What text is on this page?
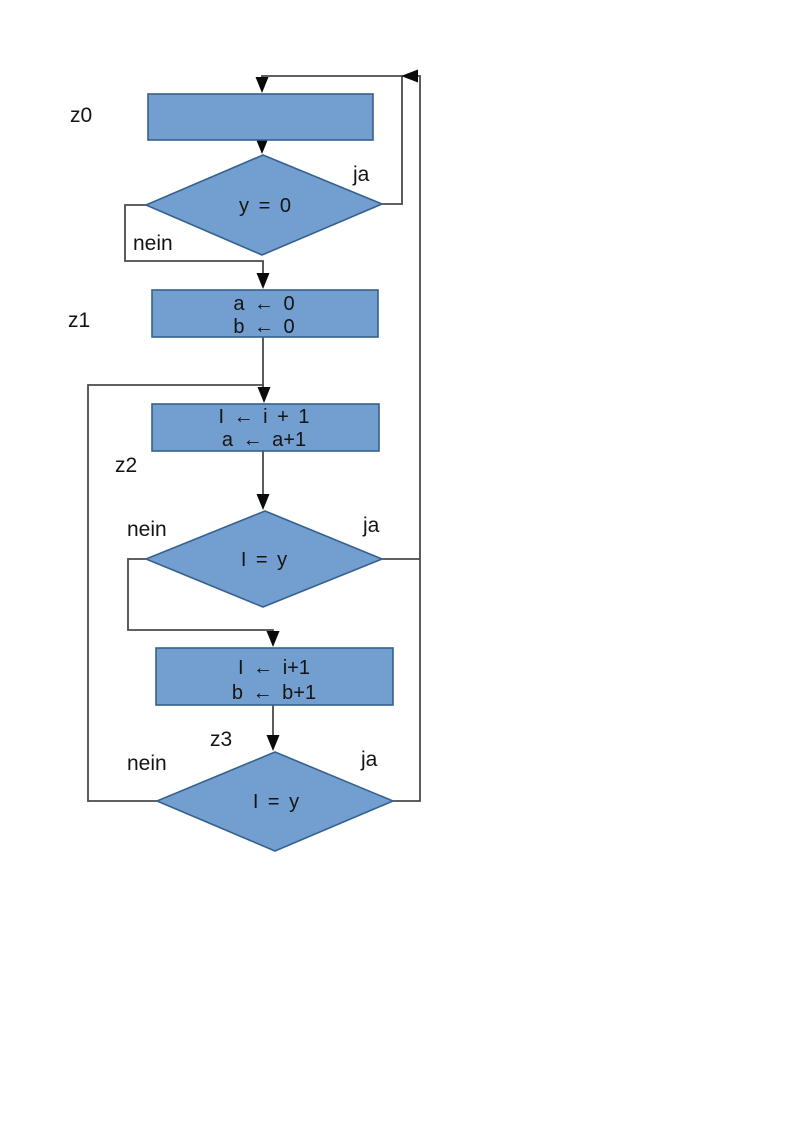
y = 0
a ← 0
b ← 0
I ← i + 1
a ← a+1
I = y
I ← i+1
b ← b+1
I = y
z0
z1
z2
z3
ja
nein
nein	ja
nein	ja
